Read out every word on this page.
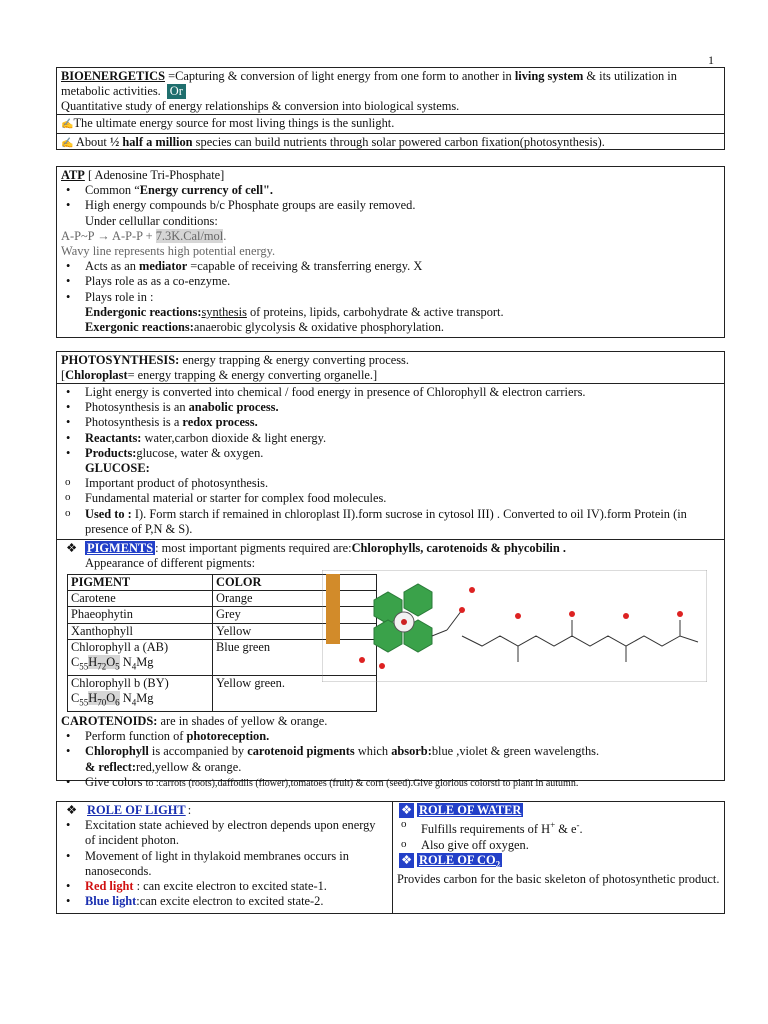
1
BIOENERGETICS =Capturing & conversion of light energy from one form to another in living system & its utilization in metabolic activities. Or
Quantitative study of energy relationships & conversion into biological systems.
✍The ultimate energy source for most living things is the sunlight.
✍ About ½ half a million species can build nutrients through solar powered carbon fixation(photosynthesis).
ATP [ Adenosine Tri-Phosphate]
• Common “Energy currency of cell".
• High energy compounds b/c Phosphate groups are easily removed.
Under cellullar conditions:
A-P~P → A-P-P + 7.3K.Cal/mol.
Wavy line represents high potential energy.
• Acts as an mediator =capable of receiving & transferring energy. X
• Plays role as as a co-enzyme.
• Plays role in :
Endergonic reactions:synthesis of proteins, lipids, carbohydrate & active transport.
Exergonic reactions:anaerobic glycolysis & oxidative phosphorylation.
PHOTOSYNTHESIS: energy trapping & energy converting process.
[Chloroplast= energy trapping & energy converting organelle.]
• Light energy is converted into chemical / food energy in presence of Chlorophyll & electron carriers.
• Photosynthesis is an anabolic process.
• Photosynthesis is a redox process.
• Reactants: water,carbon dioxide & light energy.
• Products:glucose, water & oxygen.
GLUCOSE:
o Important product of photosynthesis.
o Fundamental material or starter for complex food molecules.
o Used to : I). Form starch if remained in chloroplast II).form sucrose in cytosol III) . Converted to oil IV).form Protein (in presence of P,N & S).
❖ PIGMENTS : most important pigments required are:Chlorophylls, carotenoids & phycobilin .
Appearance of different pigments:
PIGMENT	COLOR
Carotene	Orange
Phaeophytin	Grey
Xanthophyll	Yellow
Chlorophyll a (AB)
$C_{55}H_{72}O_5$ $N_4Mg$	Blue green
Chlorophyll b (BY)
$C_{55}H_{70}O_6$ $N_4Mg$	Yellow green.
CAROTENOIDS: are in shades of yellow & orange.
• Perform function of photoreception.
• Chlorophyll is accompanied by carotenoid pigments which absorb:blue ,violet & green wavelengths.
& reflect:red,yellow & orange.
• Give colors to :carrots (roots),daffodils (flower),tomatoes (fruit) & corn (seed).Give glorious colorstl to plant in autumn.
❖ ROLE OF LIGHT :
• Excitation state achieved by electron depends upon energy of incident photon.
• Movement of light in thylakoid membranes occurs in nanoseconds.
• Red light : can excite electron to excited state-1.
• Blue light:can excite electron to excited state-2.
❖ ROLE OF WATER
o Fulfills requirements of H+ & e-.
o Also give off oxygen.
❖ ROLE OF $CO_2$
Provides carbon for the basic skeleton of photosynthetic product.
